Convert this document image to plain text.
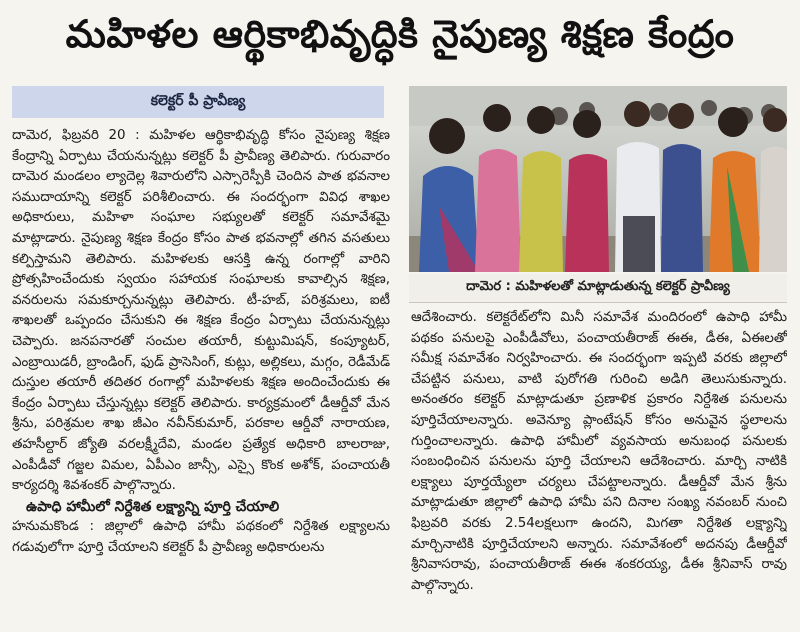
మహిళల ఆర్థికాభివృద్ధికి నైపుణ్య శిక్షణ కేంద్రం
కలెక్టర్ పీ ప్రావీణ్య

దామెర, ఫిబ్రవరి 20 : మహిళల ఆర్థికాభివృద్ధి కోసం నైపుణ్య శిక్షణ కేంద్రాన్ని ఏర్పాటు చేయనున్నట్లు కలెక్టర్ పీ ప్రావీణ్య తెలిపారు. గురువారం దామెర మండలం ల్యాదెల్ల శివారులోని ఎస్సారెస్పీకి చెందిన పాత భవనాల సముదాయాన్ని కలెక్టర్ పరిశీలించారు. ఈ సందర్భంగా వివిధ శాఖల అధికారులు, మహిళా సంఘాల సభ్యులతో కలెక్టర్ సమావేశమై మాట్లాడారు. నైపుణ్య శిక్షణ కేంద్రం కోసం పాత భవనాల్లో తగిన వసతులు కల్పిస్తామని తెలిపారు. మహిళలకు ఆసక్తి ఉన్న రంగాల్లో వారిని ప్రోత్సహించేందుకు స్వయం సహాయక సంఘాలకు కావాల్సిన శిక్షణ, వనరులను సమకూర్చనున్నట్లు తెలిపారు. టీ-హబ్, పరిశ్రమలు, ఐటీ శాఖలతో ఒప్పందం చేసుకుని ఈ శిక్షణ కేంద్రం ఏర్పాటు చేయనున్నట్లు చెప్పారు. జనపనారతో సంచుల తయారీ, కుట్టుమిషన్, కంప్యూటర్, ఎంబ్రాయిడరీ, బ్రాండింగ్, ఫుడ్ ప్రాసెసింగ్, కుట్లు, అల్లికలు, మగ్గం, రెడీమేడ్ దుస్తుల తయారీ తదితర రంగాల్లో మహిళలకు శిక్షణ అందించేందుకు ఈ కేంద్రం ఏర్పాటు చేస్తున్నట్లు కలెక్టర్ తెలిపారు. కార్యక్రమంలో డీఆర్డీవో మేన శ్రీను, పరిశ్రమల శాఖ జీఎం నవీన్‌కుమార్, పరకాల ఆర్డీవో నారాయణ, తహసీల్దార్ జ్యోతి వరలక్ష్మీదేవి, మండల ప్రత్యేక అధికారి బాలరాజు, ఎంపీడీవో గజ్జల విమల, ఏపీఎం జాన్సీ, ఎస్సై కొంక అశోక్, పంచాయతీ కార్యదర్శి శివశంకర్ పాల్గొన్నారు.

ఉపాధి హామీలో నిర్దేశిత లక్ష్యాన్ని పూర్తి చేయాలి

హనుమకొండ : జిల్లాలో ఉపాధి హామీ పథకంలో నిర్దేశిత లక్ష్యాలను గడువులోగా పూర్తి చేయాలని కలెక్టర్ పీ ప్రావీణ్య అధికారులను

దామెర : మహిళలతో మాట్లాడుతున్న కలెక్టర్ ప్రావీణ్య

ఆదేశించారు. కలెక్టరేట్‌లోని మినీ సమావేశ మందిరంలో ఉపాధి హామీ పథకం పనులపై ఎంపీడీవోలు, పంచాయతీరాజ్ ఈఈ, డీఈ, ఏఈలతో సమీక్ష సమావేశం నిర్వహించారు. ఈ సందర్భంగా ఇప్పటి వరకు జిల్లాలో చేపట్టిన పనులు, వాటి పురోగతి గురించి అడిగి తెలుసుకున్నారు. అనంతరం కలెక్టర్ మాట్లాడుతూ ప్రణాళిక ప్రకారం నిర్దేశిత పనులను పూర్తిచేయాలన్నారు. అవెన్యూ ప్లాంటేషన్ కోసం అనువైన స్థలాలను గుర్తించాలన్నారు. ఉపాధి హామీలో వ్యవసాయ అనుబంధ పనులకు సంబంధించిన పనులను పూర్తి చేయాలని ఆదేశించారు. మార్చి నాటికి లక్ష్యాలు పూర్తయ్యేలా చర్యలు చేపట్టాలన్నారు. డీఆర్డీవో మేన శ్రీను మాట్లాడుతూ జిల్లాలో ఉపాధి హామీ పని దినాల సంఖ్య నవంబర్ నుంచి ఫిబ్రవరి వరకు 2.54లక్షలుగా ఉందని, మిగతా నిర్దేశిత లక్ష్యాన్ని మార్చినాటికి పూర్తిచేయాలని అన్నారు. సమావేశంలో అదనపు డీఆర్డీవో శ్రీనివాసరావు, పంచాయతీరాజ్ ఈఈ శంకరయ్య, డీఈ శ్రీనివాస్ రావు పాల్గొన్నారు.
